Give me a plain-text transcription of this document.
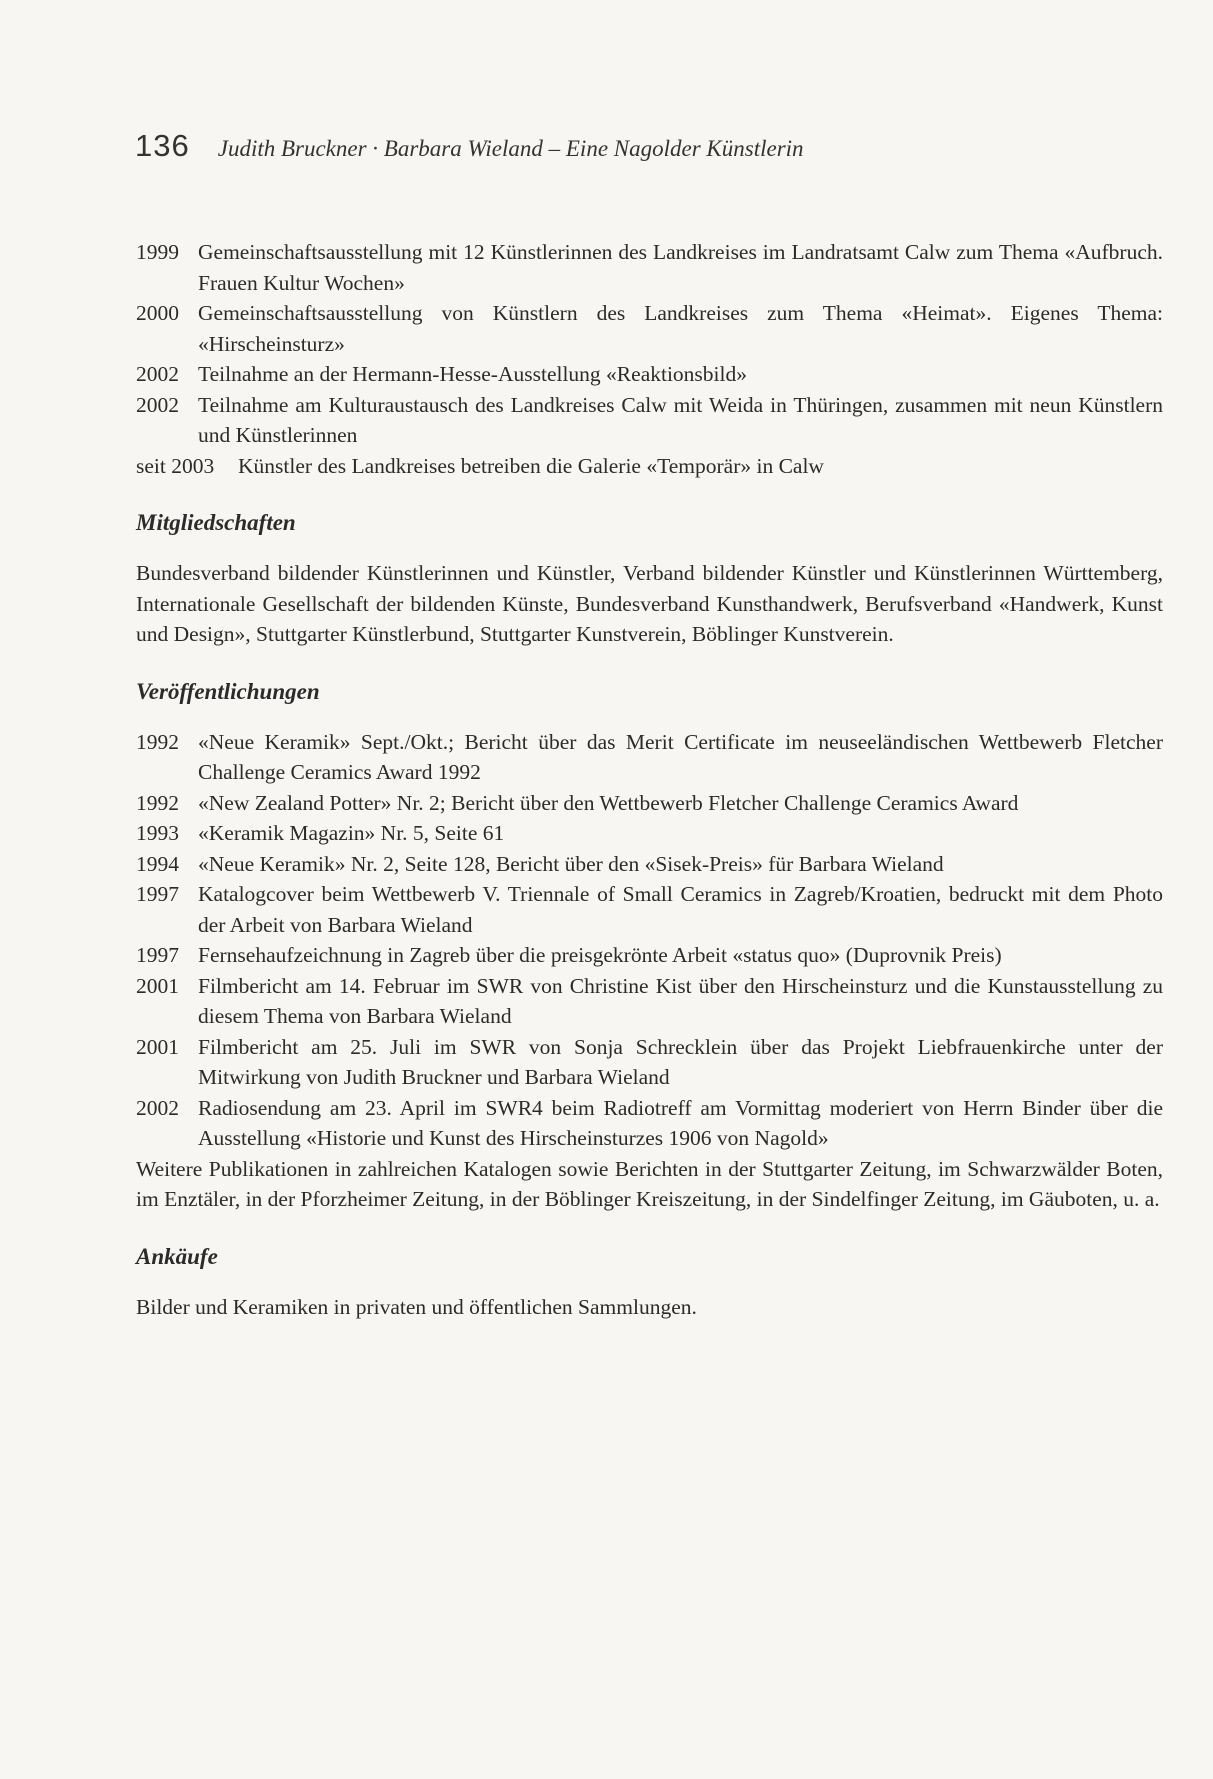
136 Judith Bruckner · Barbara Wieland – Eine Nagolder Künstlerin
1999 Gemeinschaftsausstellung mit 12 Künstlerinnen des Landkreises im Landratsamt Calw zum Thema «Aufbruch. Frauen Kultur Wochen»
2000 Gemeinschaftsausstellung von Künstlern des Landkreises zum Thema «Heimat». Eigenes Thema: «Hirscheinsturz»
2002 Teilnahme an der Hermann-Hesse-Ausstellung «Reaktionsbild»
2002 Teilnahme am Kulturaustausch des Landkreises Calw mit Weida in Thüringen, zusammen mit neun Künstlern und Künstlerinnen
seit 2003	Künstler des Landkreises betreiben die Galerie «Temporär» in Calw
Mitgliedschaften
Bundesverband bildender Künstlerinnen und Künstler, Verband bildender Künstler und Künstlerinnen Württemberg, Internationale Gesellschaft der bildenden Künste, Bundesverband Kunsthandwerk, Berufsverband «Handwerk, Kunst und Design», Stuttgarter Künstlerbund, Stuttgarter Kunstverein, Böblinger Kunstverein.
Veröffentlichungen
1992 «Neue Keramik» Sept./Okt.; Bericht über das Merit Certificate im neuseeländischen Wettbewerb Fletcher Challenge Ceramics Award 1992
1992 «New Zealand Potter» Nr. 2; Bericht über den Wettbewerb Fletcher Challenge Ceramics Award
1993 «Keramik Magazin» Nr. 5, Seite 61
1994 «Neue Keramik» Nr. 2, Seite 128, Bericht über den «Sisek-Preis» für Barbara Wieland
1997 Katalogcover beim Wettbewerb V. Triennale of Small Ceramics in Zagreb/Kroatien, bedruckt mit dem Photo der Arbeit von Barbara Wieland
1997 Fernsehaufzeichnung in Zagreb über die preisgekrönte Arbeit «status quo» (Duprovnik Preis)
2001 Filmbericht am 14. Februar im SWR von Christine Kist über den Hirscheinsturz und die Kunstausstellung zu diesem Thema von Barbara Wieland
2001 Filmbericht am 25. Juli im SWR von Sonja Schrecklein über das Projekt Liebfrauenkirche unter der Mitwirkung von Judith Bruckner und Barbara Wieland
2002 Radiosendung am 23. April im SWR4 beim Radiotreff am Vormittag moderiert von Herrn Binder über die Ausstellung «Historie und Kunst des Hirscheinsturzes 1906 von Nagold»
Weitere Publikationen in zahlreichen Katalogen sowie Berichten in der Stuttgarter Zeitung, im Schwarzwälder Boten, im Enztäler, in der Pforzheimer Zeitung, in der Böblinger Kreiszeitung, in der Sindelfinger Zeitung, im Gäuboten, u. a.
Ankäufe
Bilder und Keramiken in privaten und öffentlichen Sammlungen.
